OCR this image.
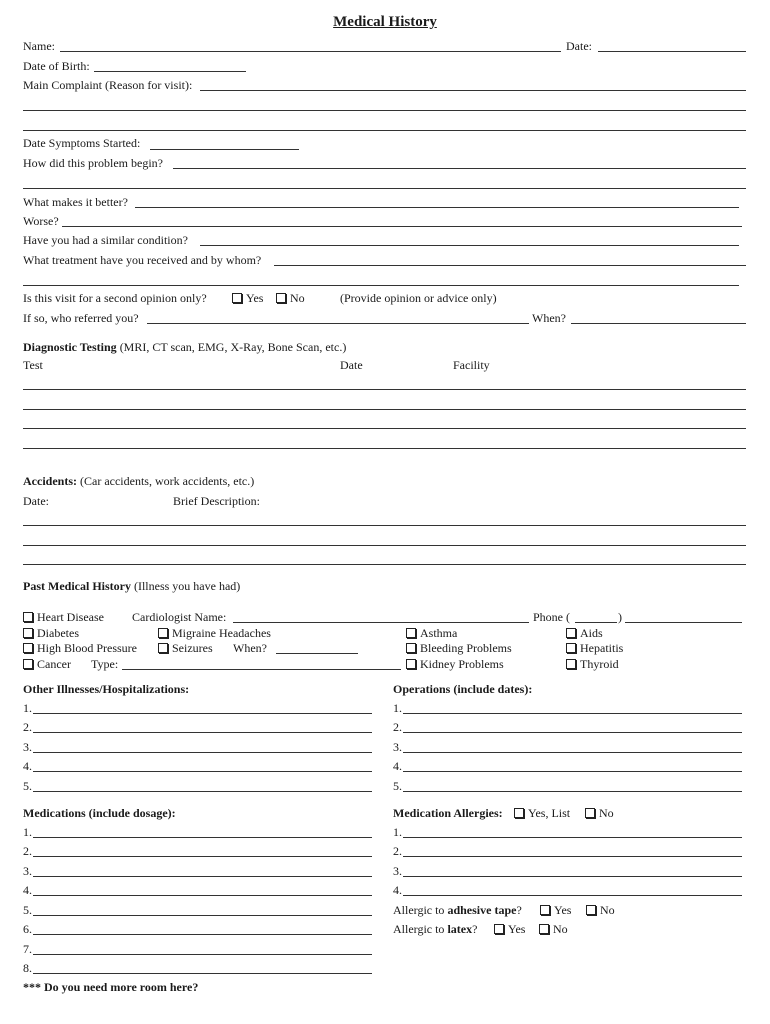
Medical History
Name:	Date:
Date of Birth:
Main Complaint (Reason for visit):
Date Symptoms Started:
How did this problem begin?
What makes it better?
Worse?
Have you had a similar condition?
What treatment have you received and by whom?
Is this visit for a second opinion only?	Yes	No	(Provide opinion or advice only)
If so, who referred you?	When?
Diagnostic Testing (MRI, CT scan, EMG, X-Ray, Bone Scan, etc.)
Test	Date	Facility
Accidents: (Car accidents, work accidents, etc.)
Date:	Brief Description:
Past Medical History (Illness you have had)
Heart Disease Cardiologist Name:	Phone (	)
Diabetes	Migraine Headaches	Asthma	Aids
High Blood Pressure	Seizures When?	Bleeding Problems	Hepatitis
Cancer Type:	Kidney Problems	Thyroid
Other Illnesses/Hospitalizations:	Operations (include dates):
1.
2.
3.
4.
5.
1.
2.
3.
4.
5.
Medications (include dosage):	Medication Allergies:	Yes, List	No
1.
2.
3.
4.
5.
6.
7.
8.
1.
2.
3.
4.
Allergic to adhesive tape?	Yes	No
Allergic to latex?	Yes	No
*** Do you need more room here?
